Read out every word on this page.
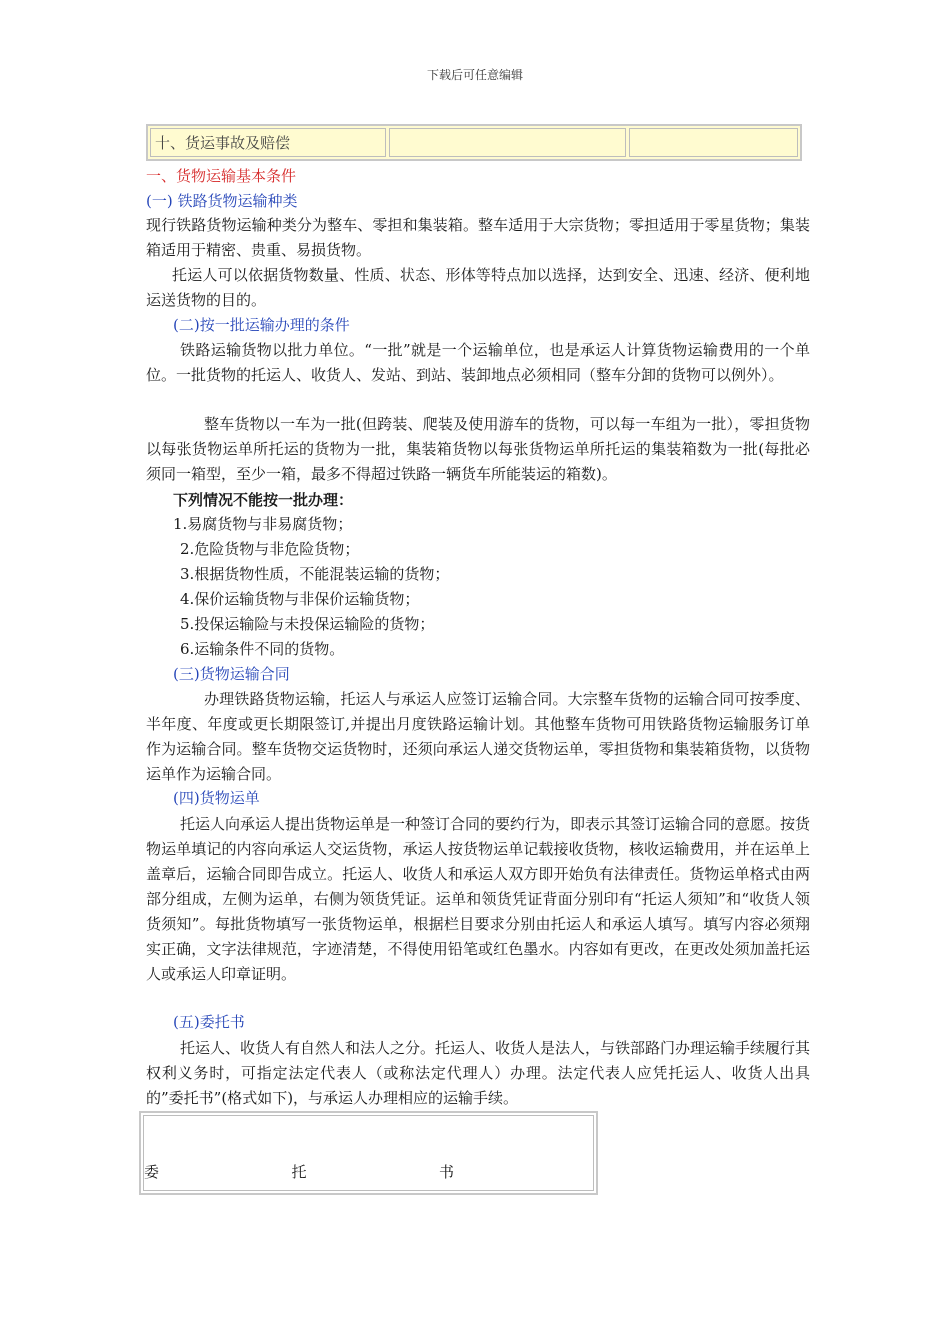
下载后可任意编辑
十、货运事故及赔偿
一、货物运输基本条件
(一) 铁路货物运输种类

现行铁路货物运输种类分为整车、零担和集装箱。整车适用于大宗货物；零担适用于零星货物；集装箱适用于精密、贵重、易损货物。

托运人可以依据货物数量、性质、状态、形体等特点加以选择，达到安全、迅速、经济、便利地运送货物的目的。

(二)按一批运输办理的条件

铁路运输货物以批力单位。“一批”就是一个运输单位，也是承运人计算货物运输费用的一个单位。一批货物的托运人、收货人、发站、到站、装卸地点必须相同（整车分卸的货物可以例外）。

整车货物以一车为一批(但跨装、爬装及使用游车的货物，可以每一车组为一批），零担货物以每张货物运单所托运的货物为一批，集装箱货物以每张货物运单所托运的集装箱数为一批(每批必须同一箱型，至少一箱，最多不得超过铁路一辆货车所能装运的箱数)。

下列情况不能按一批办理：
1.易腐货物与非易腐货物；
2.危险货物与非危险货物；
3.根据货物性质，不能混装运输的货物；
4.保价运输货物与非保价运输货物；
5.投保运输险与未投保运输险的货物；
6.运输条件不同的货物。
(三)货物运输合同

办理铁路货物运输，托运人与承运人应签订运输合同。大宗整车货物的运输合同可按季度、半年度、年度或更长期限签订,并提出月度铁路运输计划。其他整车货物可用铁路货物运输服务订单作为运输合同。整车货物交运货物时，还须向承运人递交货物运单，零担货物和集装箱货物，以货物运单作为运输合同。

(四)货物运单

托运人向承运人提出货物运单是一种签订合同的要约行为，即表示其签订运输合同的意愿。按货物运单填记的内容向承运人交运货物，承运人按货物运单记载接收货物，核收运输费用，并在运单上盖章后，运输合同即告成立。托运人、收货人和承运人双方即开始负有法律责任。货物运单格式由两部分组成，左侧为运单，右侧为领货凭证。运单和领货凭证背面分别印有“托运人须知”和“收货人领货须知”。每批货物填写一张货物运单，根据栏目要求分别由托运人和承运人填写。填写内容必须翔实正确，文字法律规范，字迹清楚，不得使用铅笔或红色墨水。内容如有更改，在更改处须加盖托运人或承运人印章证明。

(五)委托书

托运人、收货人有自然人和法人之分。托运人、收货人是法人，与铁部路门办理运输手续履行其权利义务时，可指定法定代表人（或称法定代理人）办理。法定代表人应凭托运人、收货人出具的”委托书”(格式如下)，与承运人办理相应的运输手续。

委	托	书
